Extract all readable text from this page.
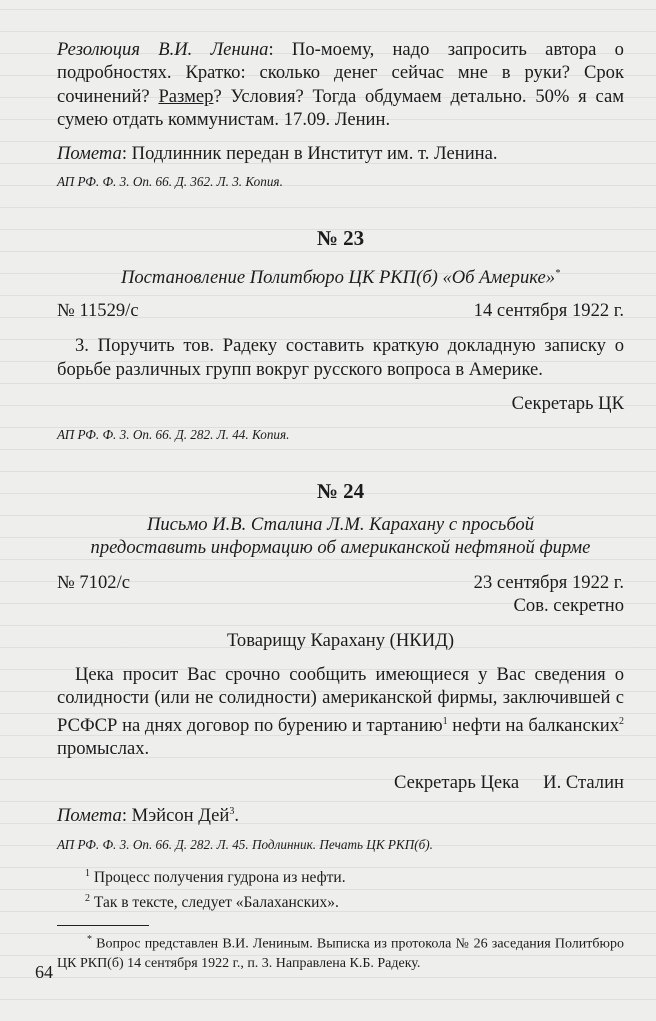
Резолюция В.И. Ленина: По-моему, надо запросить автора о подробностях. Кратко: сколько денег сейчас мне в руки? Срок сочинений? Размер? Условия? Тогда обдумаем детально. 50% я сам сумею отдать коммунистам. 17.09. Ленин.

Помета: Подлинник передан в Институт им. т. Ленина.

АП РФ. Ф. 3. Оп. 66. Д. 362. Л. 3. Копия.

№ 23

Постановление Политбюро ЦК РКП(б) «Об Америке»*

№ 11529/с	14 сентября 1922 г.

3. Поручить тов. Радеку составить краткую докладную записку о борьбе различных групп вокруг русского вопроса в Америке.

Секретарь ЦК

АП РФ. Ф. 3. Оп. 66. Д. 282. Л. 44. Копия.

№ 24

Письмо И.В. Сталина Л.М. Карахану с просьбой
предоставить информацию об американской нефтяной фирме

№ 7102/с	23 сентября 1922 г.

Сов. секретно

Товарищу Карахану (НКИД)

Цека просит Вас срочно сообщить имеющиеся у Вас сведения о солидности (или не солидности) американской фирмы, заключившей с РСФСР на днях договор по бурению и тартанию$^1$ нефти на балканских$^2$ промыслах.

Секретарь Цека И. Сталин

Помета: Мэйсон Дей$^3$.

АП РФ. Ф. 3. Оп. 66. Д. 282. Л. 45. Подлинник. Печать ЦК РКП(б).

$^1$ Процесс получения гудрона из нефти.

$^2$ Так в тексте, следует «Балаханских».

* Вопрос представлен В.И. Лениным. Выписка из протокола № 26 заседания Политбюро ЦК РКП(б) 14 сентября 1922 г., п. 3. Направлена К.Б. Радеку.

64
